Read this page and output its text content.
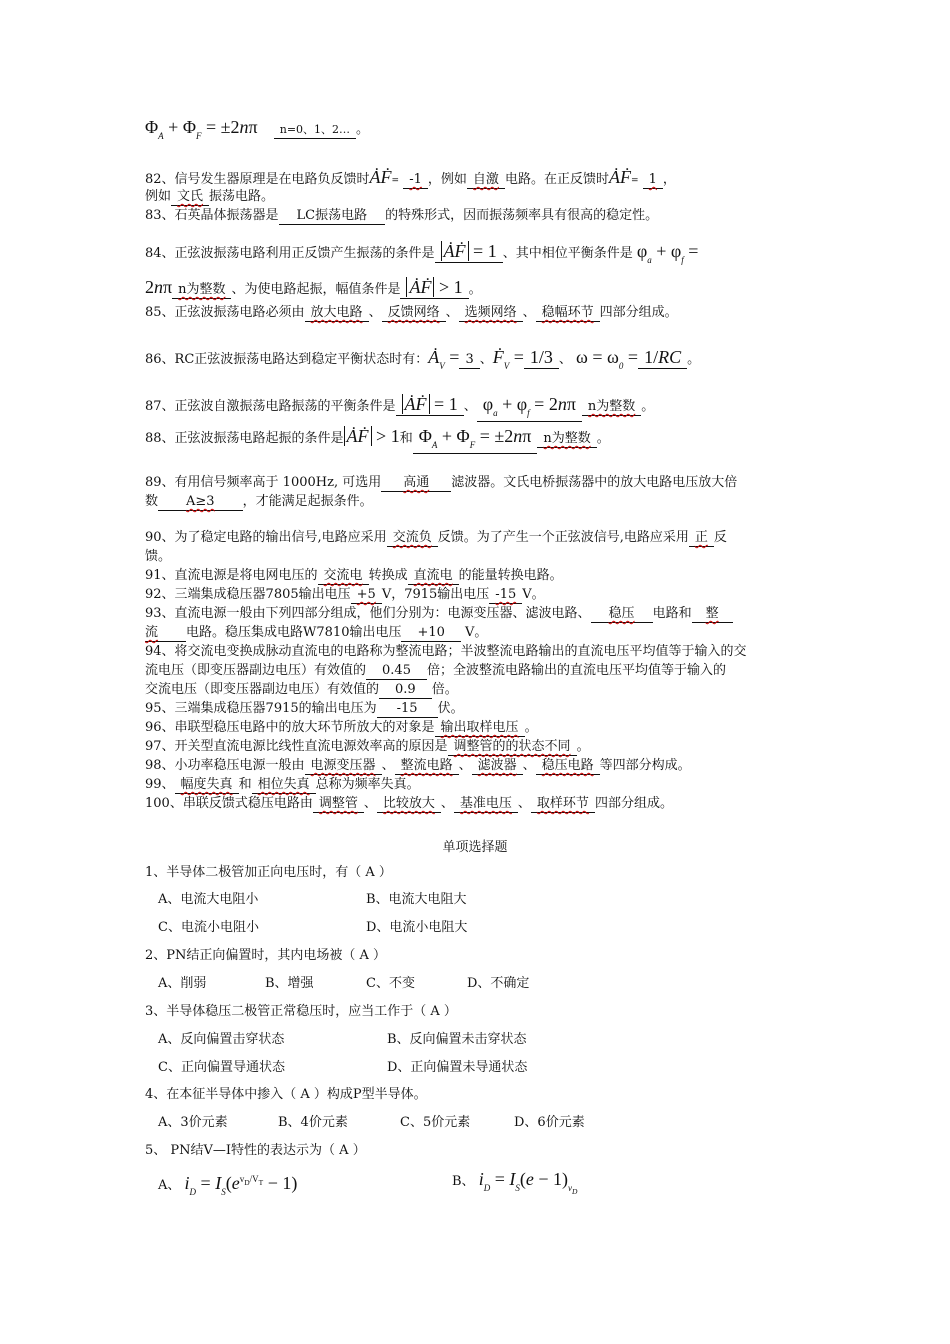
$\Phi_A + \Phi_F = \pm 2n\pi$ n=0、1、2… 。
82、信号发生器原理是在电路负反馈时ȦḞ= -1 ，例如 自激 电路。在正反馈时ȦḞ= 1 ，
例如 文氏 振荡电路。
83、石英晶体振荡器是 LC振荡电路 的特殊形式，因而振荡频率具有很高的稳定性。
84、正弦波振荡电路利用正反馈产生振荡的条件是 ȦḞ = 1 、其中相位平衡条件是 $\varphi_a + \varphi_f$ =
2nπ n为整数 、为使电路起振，幅值条件是 ȦḞ > 1 。
85、正弦波振荡电路必须由 放大电路 、 反馈网络 、 选频网络 、 稳幅环节 四部分组成。
86、RC正弦波振荡电路达到稳定平衡状态时有：$Ȧ_V = 3$ 、Ḟ$_V$ = 1/3 、 $\omega = \omega_0 = 1/RC$ 。
87、正弦波自激振荡电路振荡的平衡条件是 ȦḞ = 1 、 $\varphi_a + \varphi_f = 2n\pi$ n为整数 。
88、正弦波振荡电路起振的条件是 ȦḞ > 1和 $\Phi_A + \Phi_F = \pm 2n\pi$ n为整数 。
89、有用信号频率高于 1000Hz, 可选用 高通 滤波器。文氏电桥振荡器中的放大电路电压放大倍
数 A≥3 ，才能满足起振条件。
90、为了稳定电路的输出信号,电路应采用 交流负 反馈。为了产生一个正弦波信号,电路应采用 正 反
馈。
91、直流电源是将电网电压的 交流电 转换成 直流电 的能量转换电路。
92、三端集成稳压器7805输出电压 +5 V，7915输出电压 -15 V。
93、直流电源一般由下列四部分组成，他们分别为：电源变压器、滤波电路、 稳压 电路和 整
流 电路。稳压集成电路W7810输出电压 +10 V。
94、将交流电变换成脉动直流电的电路称为整流电路；半波整流电路输出的直流电压平均值等于输入的交
流电压（即变压器副边电压）有效值的 0.45 倍；全波整流电路输出的直流电压平均值等于输入的
交流电压（即变压器副边电压）有效值的 0.9 倍。
95、三端集成稳压器7915的输出电压为 -15 伏。
96、串联型稳压电路中的放大环节所放大的对象是 输出取样电压 。
97、开关型直流电源比线性直流电源效率高的原因是 调整管的的状态不同 。
98、小功率稳压电源一般由 电源变压器 、 整流电路 、 滤波器 、 稳压电路 等四部分构成。
99、 幅度失真 和 相位失真 总称为频率失真。
100、串联反馈式稳压电路由 调整管 、 比较放大 、 基准电压 、 取样环节 四部分组成。
单项选择题
1、半导体二极管加正向电压时，有（ A ）
A、电流大电阻小	B、电流大电阻大
C、电流小电阻小	D、电流小电阻大
2、PN结正向偏置时，其内电场被（ A ）
A、削弱	B、增强	C、不变	D、不确定
3、半导体稳压二极管正常稳压时，应当工作于（ A ）
A、反向偏置击穿状态	B、反向偏置未击穿状态
C、正向偏置导通状态	D、正向偏置未导通状态
4、在本征半导体中掺入（ A ）构成P型半导体。
A、3价元素	B、4价元素	C、5价元素	D、6价元素
5、 PN结V—I特性的表达示为（ A ）
A、 $i_D = I_S(e^{v_D/V_T} - 1)$	B、 $i_D = I_S(e - 1)_{v_D}$
